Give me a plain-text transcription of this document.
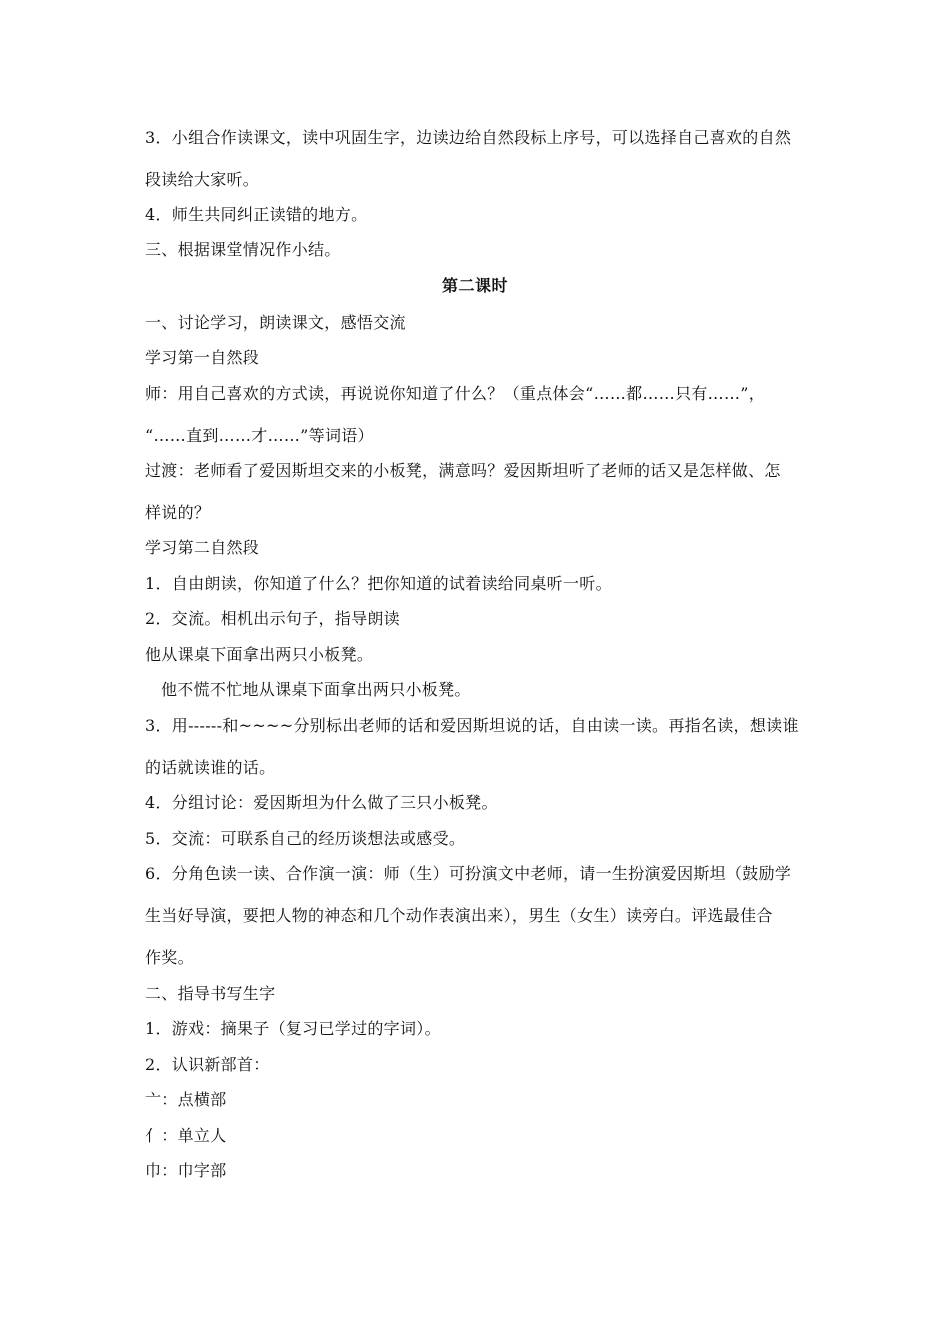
3．小组合作读课文，读中巩固生字，边读边给自然段标上序号，可以选择自己喜欢的自然
段读给大家听。
4．师生共同纠正读错的地方。
三、根据课堂情况作小结。
第二课时
一、讨论学习，朗读课文，感悟交流
学习第一自然段
师：用自己喜欢的方式读，再说说你知道了什么？（重点体会“……都……只有……”，
“……直到……才……”等词语）
过渡：老师看了爱因斯坦交来的小板凳，满意吗？爱因斯坦听了老师的话又是怎样做、怎
样说的？
学习第二自然段
1．自由朗读，你知道了什么？把你知道的试着读给同桌听一听。
2．交流。相机出示句子，指导朗读
他从课桌下面拿出两只小板凳。
他不慌不忙地从课桌下面拿出两只小板凳。
3．用------和~~~~分别标出老师的话和爱因斯坦说的话，自由读一读。再指名读，想读谁
的话就读谁的话。
4．分组讨论：爱因斯坦为什么做了三只小板凳。
5．交流：可联系自己的经历谈想法或感受。
6．分角色读一读、合作演一演：师（生）可扮演文中老师，请一生扮演爱因斯坦（鼓励学
生当好导演，要把人物的神态和几个动作表演出来），男生（女生）读旁白。评选最佳合
作奖。
二、指导书写生字
1．游戏：摘果子（复习已学过的字词）。
2．认识新部首：
亠：点横部
亻：单立人
巾：巾字部
